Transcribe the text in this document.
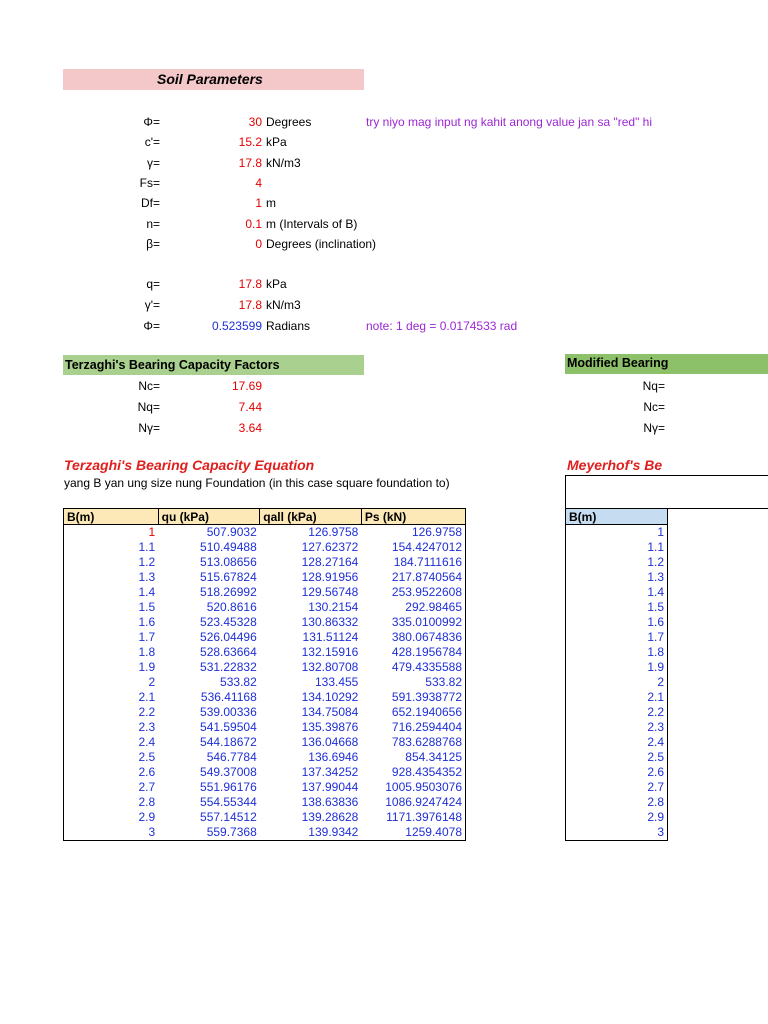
Soil Parameters
Φ=	30 Degrees
c'=	15.2 kPa
γ=	17.8 kN/m3
Fs=	4
Df=	1 m
n=	0.1 m (Intervals of B)
β=	0 Degrees (inclination)
q=	17.8 kPa
γ'=	17.8 kN/m3
Φ=	0.523599 Radians
try niyo mag input ng kahit anong value jan sa "red" hi
note: 1 deg = 0.0174533 rad
Terzaghi's Bearing Capacity Factors
Nc=	17.69
Nq=	7.44
Nγ=	3.64
Modified Bearing
Nq=
Nc=
Nγ=
Terzaghi's Bearing Capacity Equation
yang B yan ung size nung Foundation (in this case square foundation to)
B(m)	qu (kPa)	qall (kPa)	Ps (kN)
1	507.9032	126.9758	126.9758
1.1	510.49488	127.62372	154.4247012
1.2	513.08656	128.27164	184.7111616
1.3	515.67824	128.91956	217.8740564
1.4	518.26992	129.56748	253.9522608
1.5	520.8616	130.2154	292.98465
1.6	523.45328	130.86332	335.0100992
1.7	526.04496	131.51124	380.0674836
1.8	528.63664	132.15916	428.1956784
1.9	531.22832	132.80708	479.4335588
2	533.82	133.455	533.82
2.1	536.41168	134.10292	591.3938772
2.2	539.00336	134.75084	652.1940656
2.3	541.59504	135.39876	716.2594404
2.4	544.18672	136.04668	783.6288768
2.5	546.7784	136.6946	854.34125
2.6	549.37008	137.34252	928.4354352
2.7	551.96176	137.99044	1005.9503076
2.8	554.55344	138.63836	1086.9247424
2.9	557.14512	139.28628	1171.3976148
3	559.7368	139.9342	1259.4078
Meyerhof's Be
B(m)
1
1.1
1.2
1.3
1.4
1.5
1.6
1.7
1.8
1.9
2
2.1
2.2
2.3
2.4
2.5
2.6
2.7
2.8
2.9
3
